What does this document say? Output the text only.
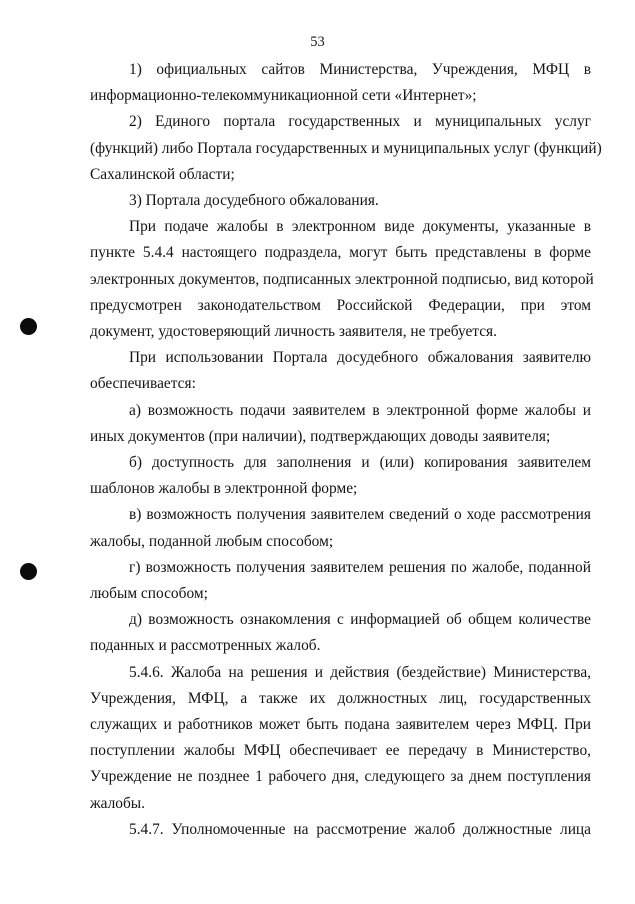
53
1) официальных сайтов Министерства, Учреждения, МФЦ в
информационно-телекоммуникационной сети «Интернет»;
2) Единого портала государственных и муниципальных услуг
(функций) либо Портала государственных и муниципальных услуг (функций)
Сахалинской области;
3) Портала досудебного обжалования.
При подаче жалобы в электронном виде документы, указанные в
пункте 5.4.4 настоящего подраздела, могут быть представлены в форме
электронных документов, подписанных электронной подписью, вид которой
предусмотрен законодательством Российской Федерации, при этом
документ, удостоверяющий личность заявителя, не требуется.
При использовании Портала досудебного обжалования заявителю
обеспечивается:
а) возможность подачи заявителем в электронной форме жалобы и
иных документов (при наличии), подтверждающих доводы заявителя;
б) доступность для заполнения и (или) копирования заявителем
шаблонов жалобы в электронной форме;
в) возможность получения заявителем сведений о ходе рассмотрения
жалобы, поданной любым способом;
г) возможность получения заявителем решения по жалобе, поданной
любым способом;
д) возможность ознакомления с информацией об общем количестве
поданных и рассмотренных жалоб.
5.4.6. Жалоба на решения и действия (бездействие) Министерства,
Учреждения, МФЦ, а также их должностных лиц, государственных
служащих и работников может быть подана заявителем через МФЦ. При
поступлении жалобы МФЦ обеспечивает ее передачу в Министерство,
Учреждение не позднее 1 рабочего дня, следующего за днем поступления
жалобы.
5.4.7. Уполномоченные на рассмотрение жалоб должностные лица
